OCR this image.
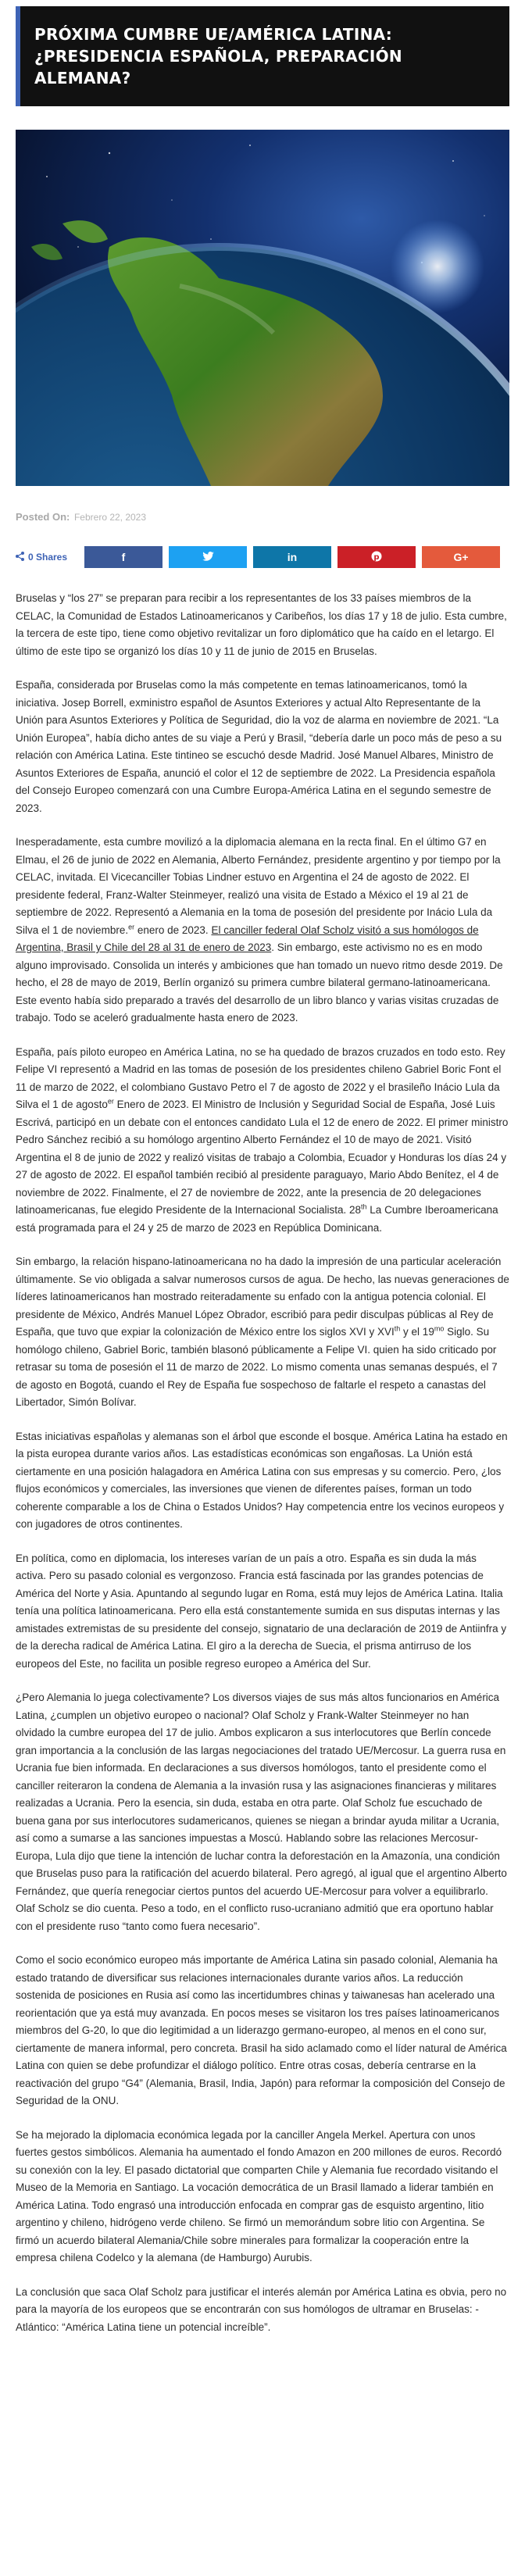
PRÓXIMA CUMBRE UE/AMÉRICA LATINA: ¿PRESIDENCIA ESPAÑOLA, PREPARACIÓN ALEMANA?
Posted On: Febrero 22, 2023
0 Shares	f	in	p	G+

Bruselas y “los 27” se preparan para recibir a los representantes de los 33 países miembros de la CELAC, la Comunidad de Estados Latinoamericanos y Caribeños, los días 17 y 18 de julio. Esta cumbre, la tercera de este tipo, tiene como objetivo revitalizar un foro diplomático que ha caído en el letargo. El último de este tipo se organizó los días 10 y 11 de junio de 2015 en Bruselas.

España, considerada por Bruselas como la más competente en temas latinoamericanos, tomó la iniciativa. Josep Borrell, exministro español de Asuntos Exteriores y actual Alto Representante de la Unión para Asuntos Exteriores y Política de Seguridad, dio la voz de alarma en noviembre de 2021. “La Unión Europea”, había dicho antes de su viaje a Perú y Brasil, “debería darle un poco más de peso a su relación con América Latina. Este tintineo se escuchó desde Madrid. José Manuel Albares, Ministro de Asuntos Exteriores de España, anunció el color el 12 de septiembre de 2022. La Presidencia española del Consejo Europeo comenzará con una Cumbre Europa-América Latina en el segundo semestre de 2023.

Inesperadamente, esta cumbre movilizó a la diplomacia alemana en la recta final. En el último G7 en Elmau, el 26 de junio de 2022 en Alemania, Alberto Fernández, presidente argentino y por tiempo por la CELAC, invitada. El Vicecanciller Tobias Lindner estuvo en Argentina el 24 de agosto de 2022. El presidente federal, Franz-Walter Steinmeyer, realizó una visita de Estado a México el 19 al 21 de septiembre de 2022. Representó a Alemania en la toma de posesión del presidente por Inácio Lula da Silva el 1 de noviembre.$^{er}$ enero de 2023. El canciller federal Olaf Scholz visitó a sus homólogos de Argentina, Brasil y Chile del 28 al 31 de enero de 2023. Sin embargo, este activismo no es en modo alguno improvisado. Consolida un interés y ambiciones que han tomado un nuevo ritmo desde 2019. De hecho, el 28 de mayo de 2019, Berlín organizó su primera cumbre bilateral germano-latinoamericana. Este evento había sido preparado a través del desarrollo de un libro blanco y varias visitas cruzadas de trabajo. Todo se aceleró gradualmente hasta enero de 2023.

España, país piloto europeo en América Latina, no se ha quedado de brazos cruzados en todo esto. Rey Felipe VI representó a Madrid en las tomas de posesión de los presidentes chileno Gabriel Boric Font el 11 de marzo de 2022, el colombiano Gustavo Petro el 7 de agosto de 2022 y el brasileño Inácio Lula da Silva el 1 de agosto$^{er}$ Enero de 2023. El Ministro de Inclusión y Seguridad Social de España, José Luis Escrivá, participó en un debate con el entonces candidato Lula el 12 de enero de 2022. El primer ministro Pedro Sánchez recibió a su homólogo argentino Alberto Fernández el 10 de mayo de 2021. Visitó Argentina el 8 de junio de 2022 y realizó visitas de trabajo a Colombia, Ecuador y Honduras los días 24 y 27 de agosto de 2022. El español también recibió al presidente paraguayo, Mario Abdo Benítez, el 4 de noviembre de 2022. Finalmente, el 27 de noviembre de 2022, ante la presencia de 20 delegaciones latinoamericanas, fue elegido Presidente de la Internacional Socialista. 28th La Cumbre Iberoamericana está programada para el 24 y 25 de marzo de 2023 en República Dominicana.

Sin embargo, la relación hispano-latinoamericana no ha dado la impresión de una particular aceleración últimamente. Se vio obligada a salvar numerosos cursos de agua. De hecho, las nuevas generaciones de líderes latinoamericanos han mostrado reiteradamente su enfado con la antigua potencia colonial. El presidente de México, Andrés Manuel López Obrador, escribió para pedir disculpas públicas al Rey de España, que tuvo que expiar la colonización de México entre los siglos XVI y XVIth y el $19^{mo}$ Siglo. Su homólogo chileno, Gabriel Boric, también blasonó públicamente a Felipe VI. quien ha sido criticado por retrasar su toma de posesión el 11 de marzo de 2022. Lo mismo comenta unas semanas después, el 7 de agosto en Bogotá, cuando el Rey de España fue sospechoso de faltarle el respeto a canastas del Libertador, Simón Bolívar.

Estas iniciativas españolas y alemanas son el árbol que esconde el bosque. América Latina ha estado en la pista europea durante varios años. Las estadísticas económicas son engañosas. La Unión está ciertamente en una posición halagadora en América Latina con sus empresas y su comercio. Pero, ¿los flujos económicos y comerciales, las inversiones que vienen de diferentes países, forman un todo coherente comparable a los de China o Estados Unidos? Hay competencia entre los vecinos europeos y con jugadores de otros continentes.

En política, como en diplomacia, los intereses varían de un país a otro. España es sin duda la más activa. Pero su pasado colonial es vergonzoso. Francia está fascinada por las grandes potencias de América del Norte y Asia. Apuntando al segundo lugar en Roma, está muy lejos de América Latina. Italia tenía una política latinoamericana. Pero ella está constantemente sumida en sus disputas internas y las amistades extremistas de su presidente del consejo, signatario de una declaración de 2019 de Antiinfra y de la derecha radical de América Latina. El giro a la derecha de Suecia, el prisma antirruso de los europeos del Este, no facilita un posible regreso europeo a América del Sur.

¿Pero Alemania lo juega colectivamente? Los diversos viajes de sus más altos funcionarios en América Latina, ¿cumplen un objetivo europeo o nacional? Olaf Scholz y Frank-Walter Steinmeyer no han olvidado la cumbre europea del 17 de julio. Ambos explicaron a sus interlocutores que Berlín concede gran importancia a la conclusión de las largas negociaciones del tratado UE/Mercosur. La guerra rusa en Ucrania fue bien informada. En declaraciones a sus diversos homólogos, tanto el presidente como el canciller reiteraron la condena de Alemania a la invasión rusa y las asignaciones financieras y militares realizadas a Ucrania. Pero la esencia, sin duda, estaba en otra parte. Olaf Scholz fue escuchado de buena gana por sus interlocutores sudamericanos, quienes se niegan a brindar ayuda militar a Ucrania, así como a sumarse a las sanciones impuestas a Moscú. Hablando sobre las relaciones Mercosur-Europa, Lula dijo que tiene la intención de luchar contra la deforestación en la Amazonía, una condición que Bruselas puso para la ratificación del acuerdo bilateral. Pero agregó, al igual que el argentino Alberto Fernández, que quería renegociar ciertos puntos del acuerdo UE-Mercosur para volver a equilibrarlo. Olaf Scholz se dio cuenta. Peso a todo, en el conflicto ruso-ucraniano admitió que era oportuno hablar con el presidente ruso “tanto como fuera necesario”.

Como el socio económico europeo más importante de América Latina sin pasado colonial, Alemania ha estado tratando de diversificar sus relaciones internacionales durante varios años. La reducción sostenida de posiciones en Rusia así como las incertidumbres chinas y taiwanesas han acelerado una reorientación que ya está muy avanzada. En pocos meses se visitaron los tres países latinoamericanos miembros del G-20, lo que dio legitimidad a un liderazgo germano-europeo, al menos en el cono sur, ciertamente de manera informal, pero concreta. Brasil ha sido aclamado como el líder natural de América Latina con quien se debe profundizar el diálogo político. Entre otras cosas, debería centrarse en la reactivación del grupo “G4” (Alemania, Brasil, India, Japón) para reformar la composición del Consejo de Seguridad de la ONU.

Se ha mejorado la diplomacia económica legada por la canciller Angela Merkel. Apertura con unos fuertes gestos simbólicos. Alemania ha aumentado el fondo Amazon en 200 millones de euros. Recordó su conexión con la ley. El pasado dictatorial que comparten Chile y Alemania fue recordado visitando el Museo de la Memoria en Santiago. La vocación democrática de un Brasil llamado a liderar también en América Latina. Todo engrasó una introducción enfocada en comprar gas de esquisto argentino, litio argentino y chileno, hidrógeno verde chileno. Se firmó un memorándum sobre litio con Argentina. Se firmó un acuerdo bilateral Alemania/Chile sobre minerales para formalizar la cooperación entre la empresa chilena Codelco y la alemana (de Hamburgo) Aurubis.

La conclusión que saca Olaf Scholz para justificar el interés alemán por América Latina es obvia, pero no para la mayoría de los europeos que se encontrarán con sus homólogos de ultramar en Bruselas: -Atlántico: “América Latina tiene un potencial increíble”.
